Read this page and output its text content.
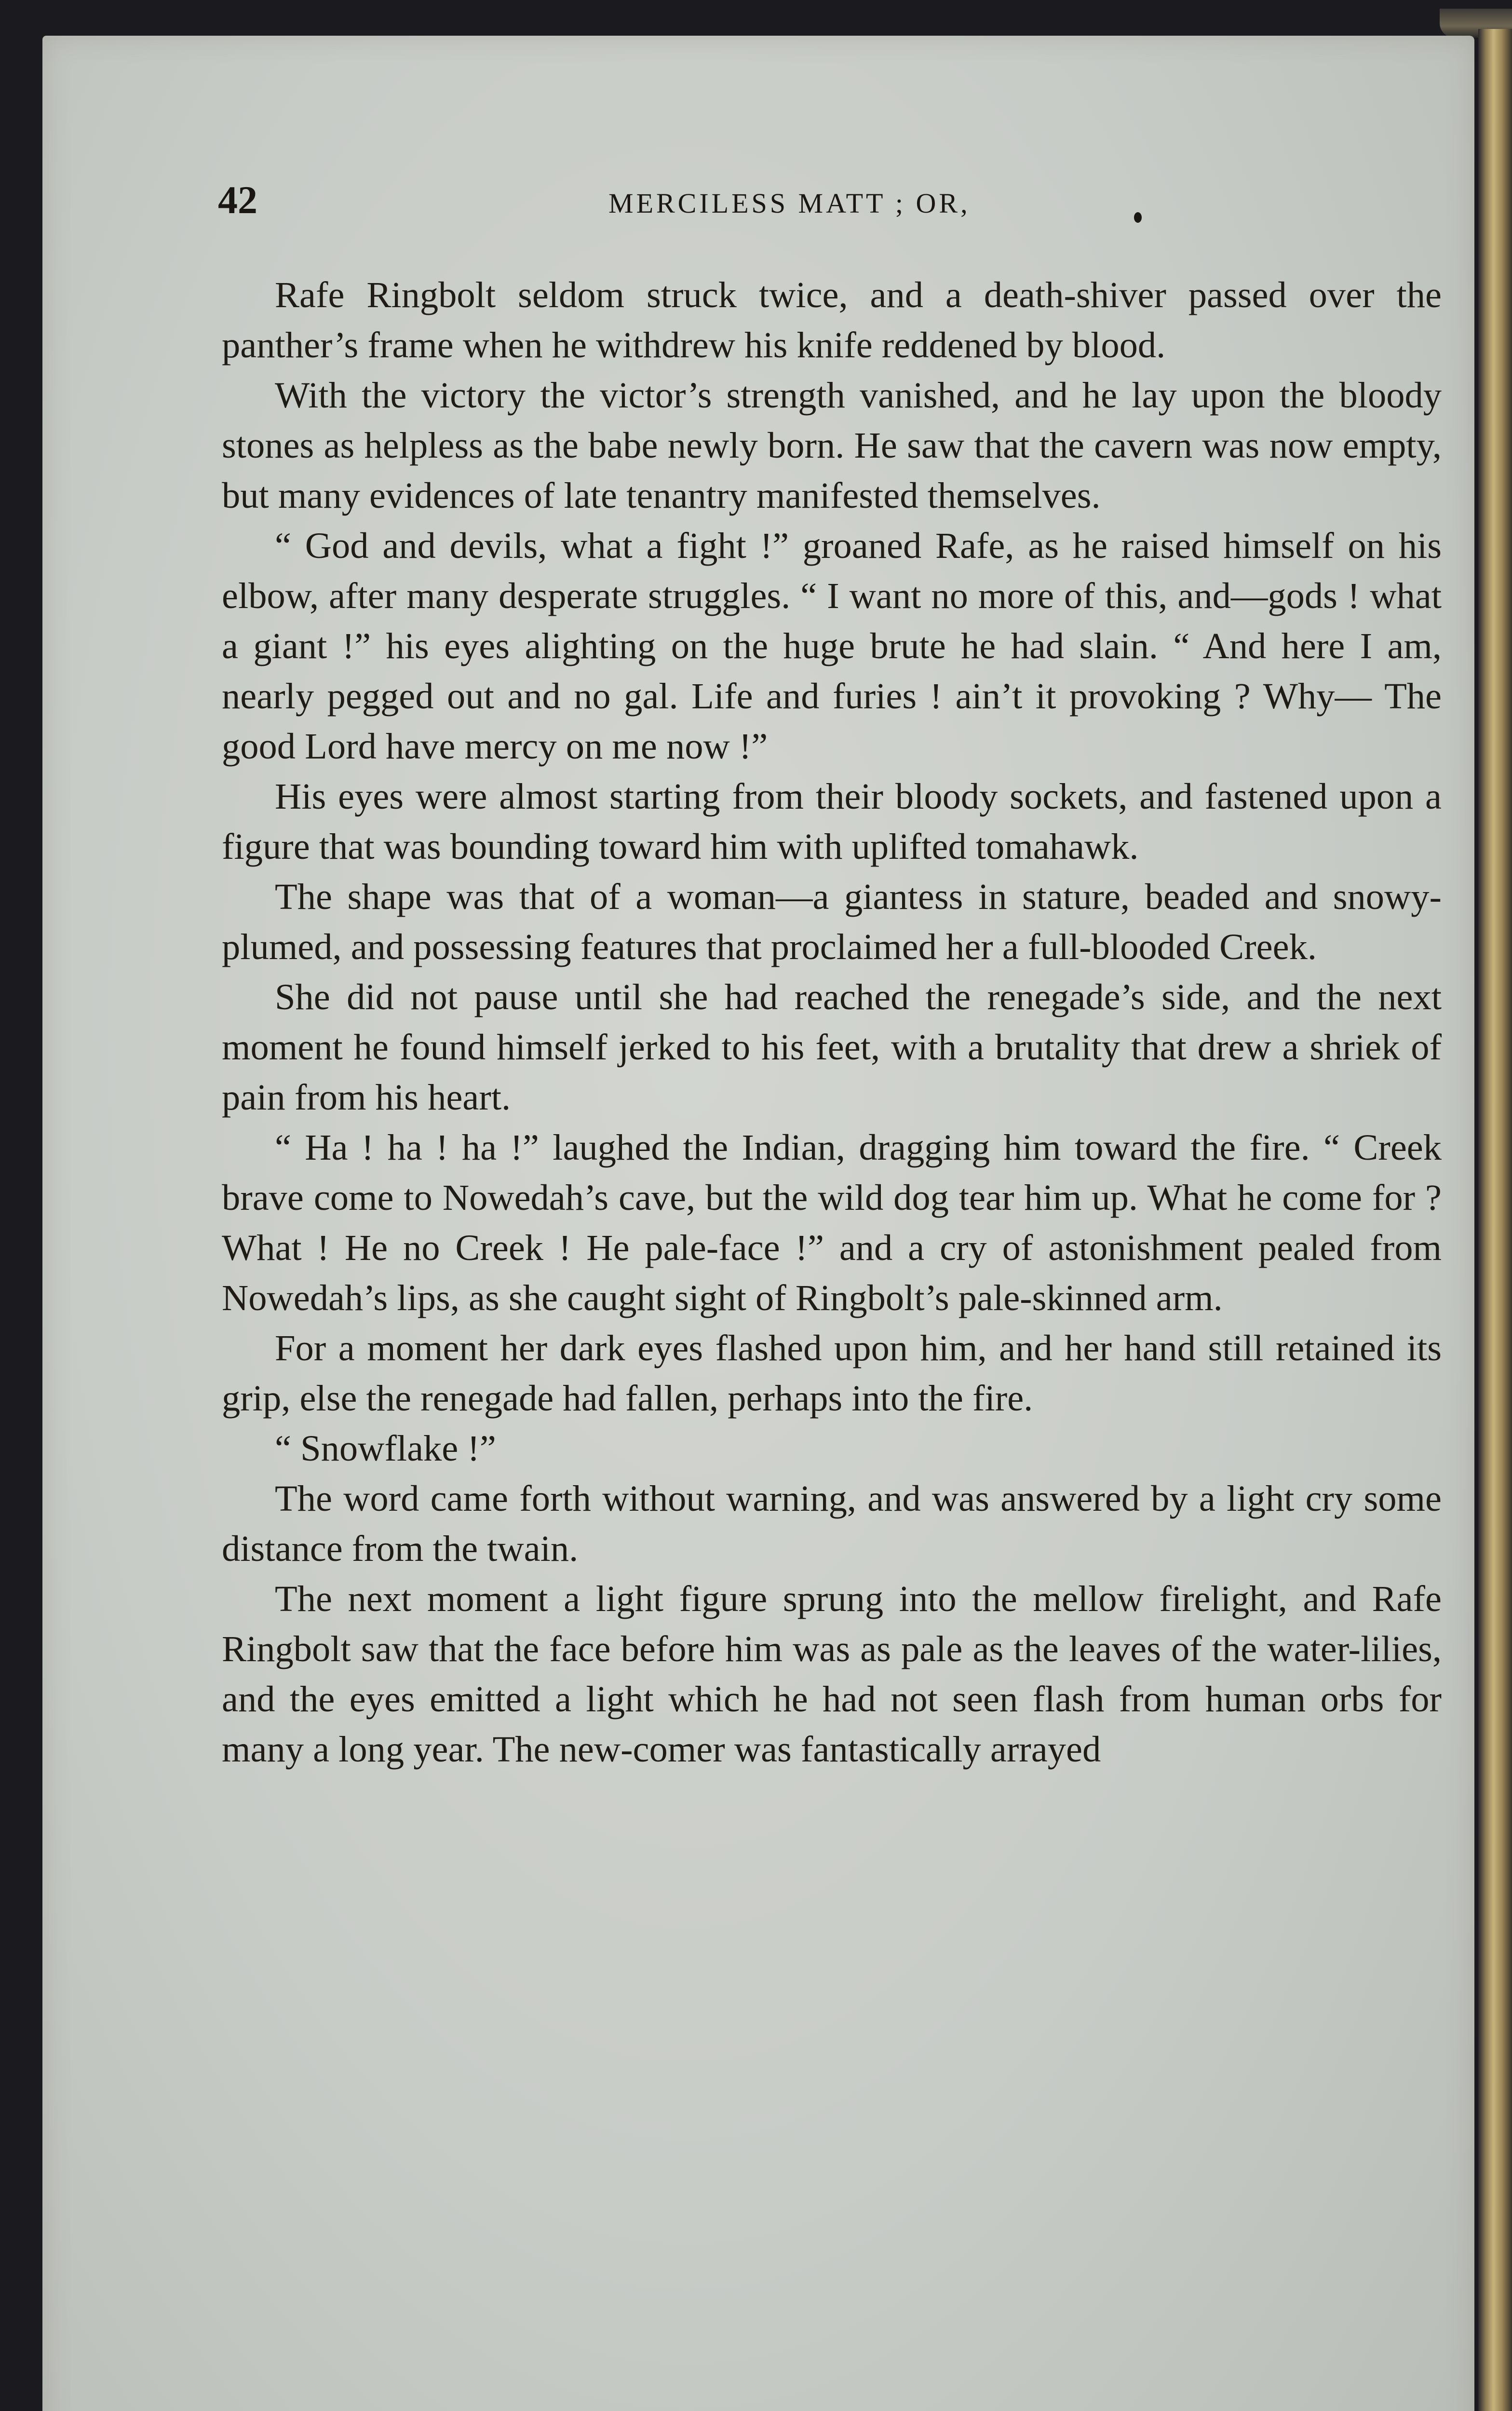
42	MERCILESS MATT ; OR,

Rafe Ringbolt seldom struck twice, and a death-shiver passed over the panther’s frame when he withdrew his knife reddened by blood.

With the victory the victor’s strength vanished, and he lay upon the bloody stones as helpless as the babe newly born. He saw that the cavern was now empty, but many evidences of late tenantry manifested themselves.

“ God and devils, what a fight !” groaned Rafe, as he raised himself on his elbow, after many desperate struggles. “ I want no more of this, and—gods ! what a giant !” his eyes alighting on the huge brute he had slain. “ And here I am, nearly pegged out and no gal. Life and furies ! ain’t it provoking ? Why— The good Lord have mercy on me now !”

His eyes were almost starting from their bloody sockets, and fastened upon a figure that was bounding toward him with uplifted tomahawk.

The shape was that of a woman—a giantess in stature, beaded and snowy-plumed, and possessing features that proclaimed her a full-blooded Creek.

She did not pause until she had reached the renegade’s side, and the next moment he found himself jerked to his feet, with a brutality that drew a shriek of pain from his heart.

“ Ha ! ha ! ha !” laughed the Indian, dragging him toward the fire. “ Creek brave come to Nowedah’s cave, but the wild dog tear him up. What he come for ? What ! He no Creek ! He pale-face !” and a cry of astonishment pealed from Nowedah’s lips, as she caught sight of Ringbolt’s pale-skinned arm.

For a moment her dark eyes flashed upon him, and her hand still retained its grip, else the renegade had fallen, perhaps into the fire.

“ Snowflake !”

The word came forth without warning, and was answered by a light cry some distance from the twain.

The next moment a light figure sprung into the mellow firelight, and Rafe Ringbolt saw that the face before him was as pale as the leaves of the water-lilies, and the eyes emitted a light which he had not seen flash from human orbs for many a long year. The new-comer was fantastically arrayed
